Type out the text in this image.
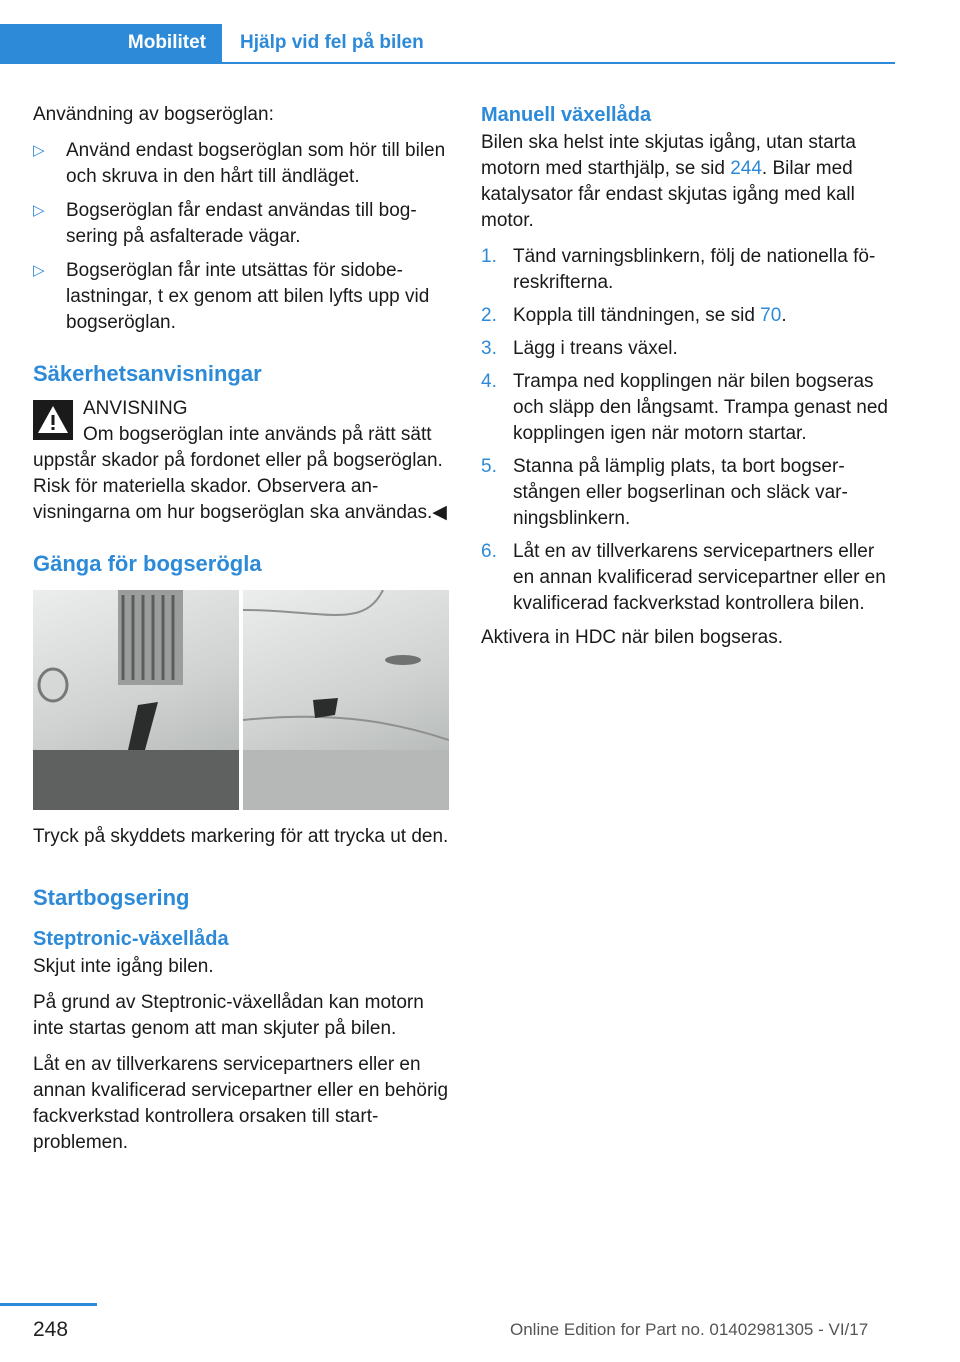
Mobilitet	Hjälp vid fel på bilen

Användning av bogseröglan:

▷ Använd endast bogseröglan som hör till bilen och skruva in den hårt till ändläget.
▷ Bogseröglan får endast användas till bogsering på asfalterade vägar.
▷ Bogseröglan får inte utsättas för sidobelastningar, t ex genom att bilen lyfts upp vid bogseröglan.
Säkerhetsanvisningar
ANVISNING
Om bogseröglan inte används på rätt sätt uppstår skador på fordonet eller på bogseröglan. Risk för materiella skador. Observera anvisningarna om hur bogseröglan ska användas.◀
Gänga för bogserögla

Tryck på skyddets markering för att trycka ut den.

Startbogsering
Steptronic-växellåda

Skjut inte igång bilen.

På grund av Steptronic-växellådan kan motorn inte startas genom att man skjuter på bilen.

Låt en av tillverkarens servicepartners eller en annan kvalificerad servicepartner eller en behörig fackverkstad kontrollera orsaken till startproblemen.

Manuell växellåda

Bilen ska helst inte skjutas igång, utan starta motorn med starthjälp, se sid 244. Bilar med katalysator får endast skjutas igång med kall motor.

1. Tänd varningsblinkern, följ de nationella föreskrifterna.
2. Koppla till tändningen, se sid 70.
3. Lägg i treans växel.
4. Trampa ned kopplingen när bilen bogseras och släpp den långsamt. Trampa genast ned kopplingen igen när motorn startar.
5. Stanna på lämplig plats, ta bort bogserstången eller bogserlinan och släck varningsblinkern.
6. Låt en av tillverkarens servicepartners eller en annan kvalificerad servicepartner eller en kvalificerad fackverkstad kontrollera bilen.

Aktivera in HDC när bilen bogseras.

248	Online Edition for Part no. 01402981305 - VI/17
